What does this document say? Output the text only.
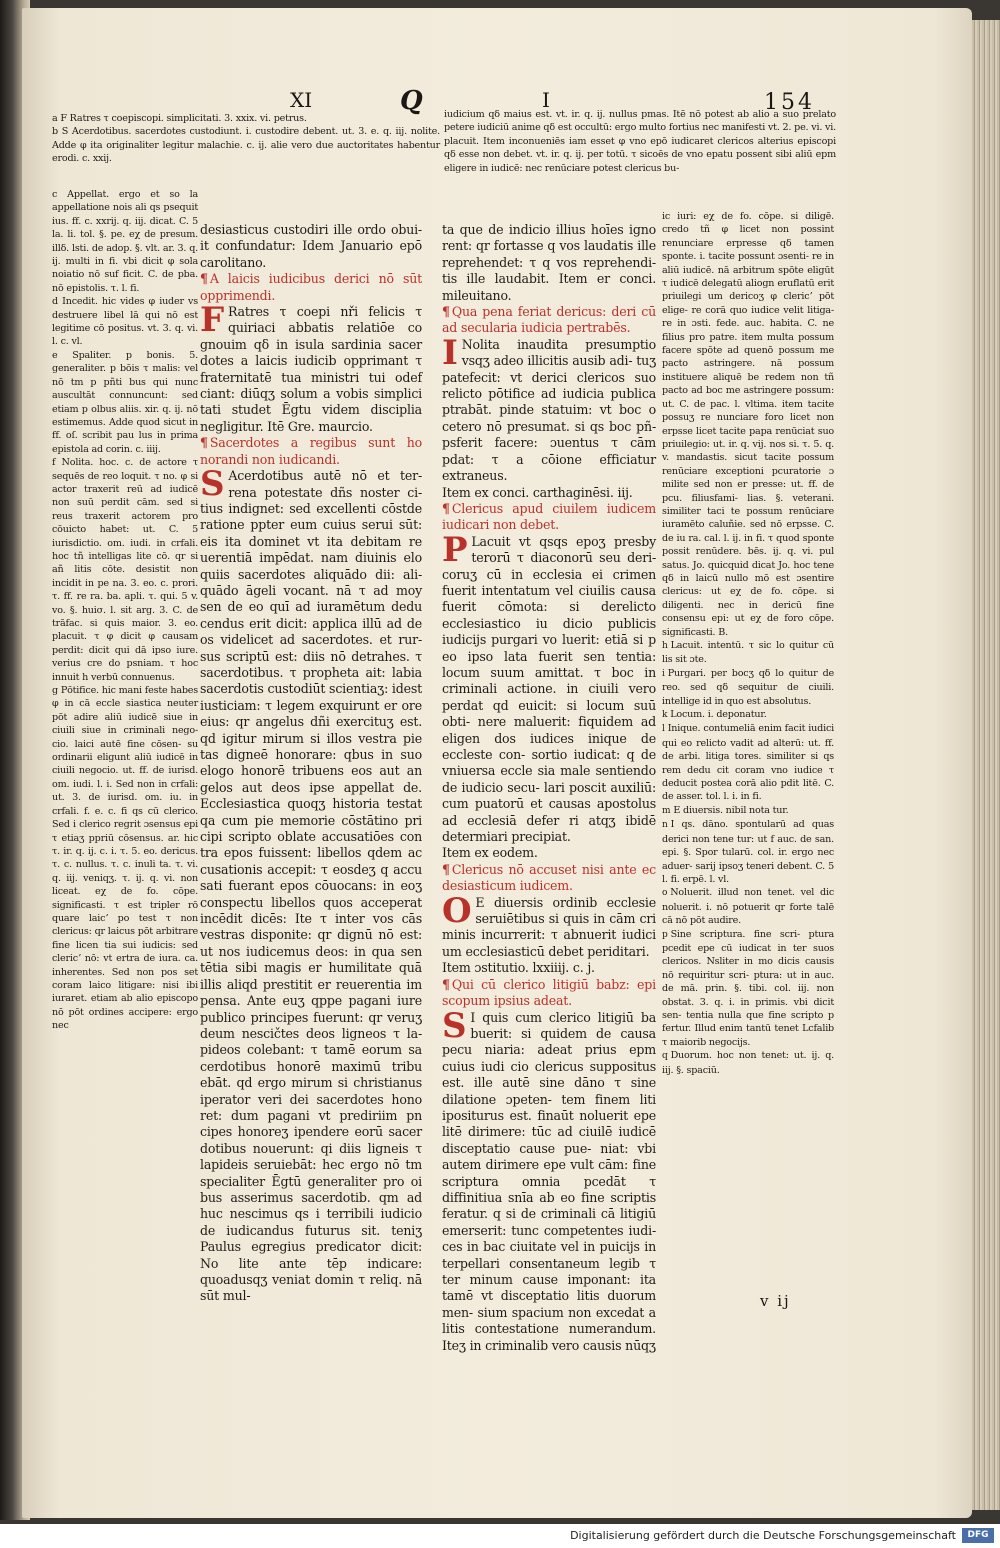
XI	Q	I	154

a F Ratres τ coepiscopi. simplicitati. 3. xxix. vi. petrus.

b S Acerdotibus. sacerdotes custodiunt. i. custodire debent. ut. 3. e. q. iij. nolite. Adde φ ita originaliter legitur malachie. c. ij. alie vero due auctoritates habentur erodi. c. xxij.

iudicium qδ maius est. vt. ir. q. ij. nullus pmas. Itē nō potest ab alio a suo prelato petere iudiciū anime qδ est occultū: ergo multo fortius nec manifesti vt. 2. pe. vi. vi. placuit. Item inconueniēs iam esset φ vno epō iudicaret clericos alterius episcopi qδ esse non debet. vt. ir. q. ij. per totū. τ sicoēs de vno epatu possent sibi aliū epm eligere in iudicē: nec renūciare potest clericus bu-

c Appellat. ergo et so la appellatione nois ali qs psequit ius. ff. c. xxrij. q. iij. dicat. C. 5 la. li. tol. §. pe. eχ de presum. illδ. lsti. de adop. §. vlt. ar. 3. q. ij. multi in fi. vbi dicit φ sola noiatio nō suf ficit. C. de pba. nō epistolis. τ. l. fi.

d Incedit. hic vides φ iuder vs destruere libel lā qui nō est legitime cō positus. vt. 3. q. vi. l. c. vl.

e Spaliter. p bonis. 5. generaliter. p bōis τ malis: vel nō tm p pñti bus qui nunc auscultāt connuncunt: sed etiam p olbus aliis. xir. q. ij. nō estimemus. Adde quod sicut in ff. oſ. scribit pau lus in prima epistola ad corin. c. iiij.

f Nolita. hoc. c. de actore τ sequēs de reo loquit. τ no. φ si actor traxerit reū ad iudicē non suū perdit cām. sed si reus traxerit actorem pro cōuicto habet: ut. C. 5 iurisdictio. om. iudi. in crfali. hoc tñ intelligas lite cō. qr si añ litis cōte. desistit non incidit in pe na. 3. eo. c. prori. τ. ff. re ra. ba. apli. τ. qui. 5 v. vo. §. huiσ. l. sit arg. 3. C. de trāfac. si quis maior. 3. eo. placuit. τ φ dicit φ causam perdit: dicit qui dā ipso iure. verius cre do psniam. τ hoc innuit h verbū connuenus.

g Pōtifice. hic mani feste habes φ in cā eccle siastica neuter pōt adire aliū iudicē siue in ciuili siue in criminali nego- cio. laici autē fine cōsen- su ordinarii eligunt aliū iudicē in ciuili negocio. ut. ff. de iurisd. om. iudi. l. i. Sed non in crfali: ut. 3. de iurisd. om. iu. in crfali. f. e. c. fi qs cū clerico. Sed i clerico regrit ɔsensus epi τ etiaʒ ppriū cōsensus. ar. hic τ. ir. q. ij. c. i. τ. 5. eo. dericus. τ. c. nullus. τ. c. inuli ta. τ. vi. q. iij. veniqʒ. τ. ij. q. vi. non liceat. eχ de fo. cōpe. significasti. τ est tripler rō quare laicʼ po test τ non clericus: qr laicus pōt arbitrare fine licen tia sui iudicis: sed clericʼ nō: vt ertra de iura. ca. inherentes. Sed non pos set coram laico litigare: nisi ibi iuraret. etiam ab alio episcopo nō pōt ordines accipere: ergo nec

desiasticus custodiri ille ordo obui- it confundatur: Idem Januario epō carolitano.

¶ A laicis iudicibus derici nō sūt opprimendi.

F Ratres τ coepi nři felicis τ quiriaci abbatis relatiōe co gnouim qδ in isula sardinia sacer dotes a laicis iudicib opprimant τ fraternitatē tua ministri tui odef ciant: diūqʒ solum a vobis simplici tati studet Ēgtu videm disciplia negligitur. Itē Gre. maurcio.

¶ Sacerdotes a regibus sunt ho norandi non iudicandi.

S Acerdotibus autē nō et ter- rena potestate dñs noster ci- tius indignet: sed excellenti cōstde ratione ppter eum cuius serui sūt: eis ita dominet vt ita debitam re uerentiā impēdat. nam diuinis elo quiis sacerdotes aliquādo dii: ali- quādo āgeli vocant. nā τ ad moy sen de eo quī ad iuramētum dedu cendus erit dicit: applica illū ad de os videlicet ad sacerdotes. et rur- sus scriptū est: diis nō detrahes. τ sacerdotibus. τ propheta ait: labia sacerdotis custodiūt scientiaʒ: idest iusticiam: τ legem exquirunt er ore eius: qr angelus dñi exercituʒ est. qd igitur mirum si illos vestra pie tas digneē honorare: qbus in suo elogo honorē tribuens eos aut an gelos aut deos ipse appellat de. Ecclesiastica quoqʒ historia testat qa cum pie memorie cōstātino pri cipi scripto oblate accusatiōes con tra epos fuissent: libellos qdem ac cusationis accepit: τ eosdeʒ q accu sati fuerant epos cōuocans: in eoʒ conspectu libellos quos acceperat incēdit dicēs: Ite τ inter vos cās vestras disponite: qr dignū nō est: ut nos iudicemus deos: in qua sen tētia sibi magis er humilitate quā illis aliqd prestitit er reuerentia im pensa. Ante euʒ qppe pagani iure publico principes fuerunt: qr veruʒ deum nescičtes deos ligneos τ la- pideos colebant: τ tamē eorum sa cerdotibus honorē maximū tribu ebāt. qd ergo mirum si christianus iperator veri dei sacerdotes hono ret: dum pagani vt prediriim pn cipes honoreʒ ipendere eorū sacer dotibus nouerunt: qi diis ligneis τ lapideis seruiebāt: hec ergo nō tm specialiter Ēgtū generaliter pro oi bus asserimus sacerdotib. qm ad huc nescimus qs i terribili iudicio de iudicandus futurus sit. teniʒ Paulus egregius predicator dicit: No lite ante tēp indicare: quoadusqʒ veniat domin τ reliq. nā sūt mul-

ta que de indicio illius hoīes igno rent: qr fortasse q vos laudatis ille reprehendet: τ q vos reprehendi- tis ille laudabit. Item er conci. mileuitano.

¶ Qua pena feriat dericus: deri cū ad secularia iudicia pertrabēs.

I Nolita inaudita presumptio vsqʒ adeo illicitis ausib adi- tuʒ patefecit: vt derici clericos suo relicto pōtifice ad iudicia publica ptrabāt. pinde statuim: vt boc o cetero nō presumat. si qs boc pñ- psferit facere: ɔuentus τ cām pdat: τ a cōione efficiatur extraneus.

Item ex conci. carthaginēsi. iij.

¶ Clericus apud ciuilem iudicem iudicari non debet.

P Lacuit vt qsqs epoʒ presby terorū τ diaconorū seu deri- coruʒ cū in ecclesia ei crimen fuerit intentatum vel ciuilis causa fuerit cōmota: si derelicto ecclesiastico iu dicio publicis iudicijs purgari vo luerit: etiā si p eo ipso lata fuerit sen tentia: locum suum amittat. τ boc in criminali actione. in ciuili vero perdat qd euicit: si locum suū obti- nere maluerit: fiquidem ad eligen dos iudices inique de eccleste con- sortio iudicat: q de vniuersa eccle sia male sentiendo de iudicio secu- lari poscit auxiliū: cum puatorū et causas apostolus ad ecclesiā defer ri atqʒ ibidē determiari precipiat.

Item ex eodem.

¶ Clericus nō accuset nisi ante ec desiasticum iudicem.

O E diuersis ordinib ecclesie seruiētibus si quis in cām cri minis incurrerit: τ abnuerit iudici um ecclesiasticū debet periditari.

Item ɔstitutio. lxxiiij. c. j.

¶ Qui cū clerico litigiū babz: epi scopum ipsius adeat.

S I quis cum clerico litigiū ba buerit: si quidem de causa pecu niaria: adeat prius epm cuius iudi cio clericus suppositus est. ille autē sine dāno τ sine dilatione ɔpeten- tem finem liti ipositurus est. finaūt noluerit epe litē dirimere: tūc ad ciuilē iudicē disceptatio cause pue- niat: vbi autem dirimere epe vult cām: fine scriptura omnia pcedāt τ diffinitiua snīa ab eo fine scriptis feratur. q si de criminali cā litigiū emerserit: tunc competentes iudi- ces in bac ciuitate vel in puicijs in terpellari consentaneum legib τ ter minum cause imponant: ita tamē vt disceptatio litis duorum men- sium spacium non excedat a litis contestatione numerandum. Iteʒ in criminalib vero causis nūqʒ

ic iuri: eχ de fo. cōpe. si diligē. credo tñ φ licet non possint renunciare erpresse qδ tamen sponte. i. tacite possunt ɔsenti- re in aliū iudicē. nā arbitrum spōte eligūt τ iudicē delegatū aliogn eruflatū erit priuilegi um dericoʒ φ clericʼ pōt elige- re corā quo iudice velit litiga- re in ɔsti. fede. auc. habita. C. ne filius pro patre. item multa possum facere spōte ad quenō possum me pacto astringere. nā possum instituere aliquē be redem non tñ pacto ad boc me astringere possum: ut. C. de pac. l. vltima. item tacite possuʒ re nunciare foro licet non erpsse licet tacite papa renūciat suo priuilegio: ut. ir. q. vij. nos si. τ. 5. q. v. mandastis. sicut tacite possum renūciare exceptioni pcuratorie ɔ milite sed non er presse: ut. ff. de pcu. filiusfami- lias. §. veterani. similiter taci te possum renūciare iuramēto caluñie. sed nō erpsse. C. de iu ra. cal. l. ij. in fi. τ quod sponte possit renūdere. bēs. ij. q. vi. pul satus. Jo. quicquid dicat Jo. hoc tene qδ in laicū nullo mō est ɔsentire clericus: ut eχ de fo. cōpe. si diligenti. nec in dericū fine consensu epi: ut eχ de foro cōpe. significasti. B.

h Lacuit. intentū. τ sic lo quitur cū lis sit ɔte.

i Purgari. per bocʒ qδ lo quitur de reo. sed qδ sequitur de ciuili. intellige id in quo est absolutus.

k Locum. i. deponatur.

l Inique. contumeliā enim facit iudici qui eo relicto vadit ad alterū: ut. ff. de arbi. litiga tores. similiter si qs rem dedu cit coram vno iudice τ deducit postea corā alio pdit litē. C. de asser. tol. l. i. in fi.

m E diuersis. nibil nota tur.

n I qs. dāno. spontularū ad quas derici non tene tur: ut f auc. de san. epi. §. Spor tularū. col. ir. ergo nec aduer- sarij ipsoʒ teneri debent. C. 5 l. fi. erpē. l. vl.

o Noluerit. illud non tenet. vel dic noluerit. i. nō potuerit qr forte talē cā nō pōt audire.

p Sine scriptura. fine scri- ptura pcedit epe cū iudicat in ter suos clericos. Nsliter in mo dicis causis nō requiritur scri- ptura: ut in auc. de mā. prin. §. tibi. col. iij. non obstat. 3. q. i. in primis. vbi dicit sen- tentia nulla que fine scripto p fertur. Illud enim tantū tenet Lcfalib τ maiorib negocijs.

q Duorum. hoc non tenet: ut. ij. q. iij. §. spaciū.

v ij
Digitalisierung gefördert durch die Deutsche Forschungsgemeinschaft	DFG
